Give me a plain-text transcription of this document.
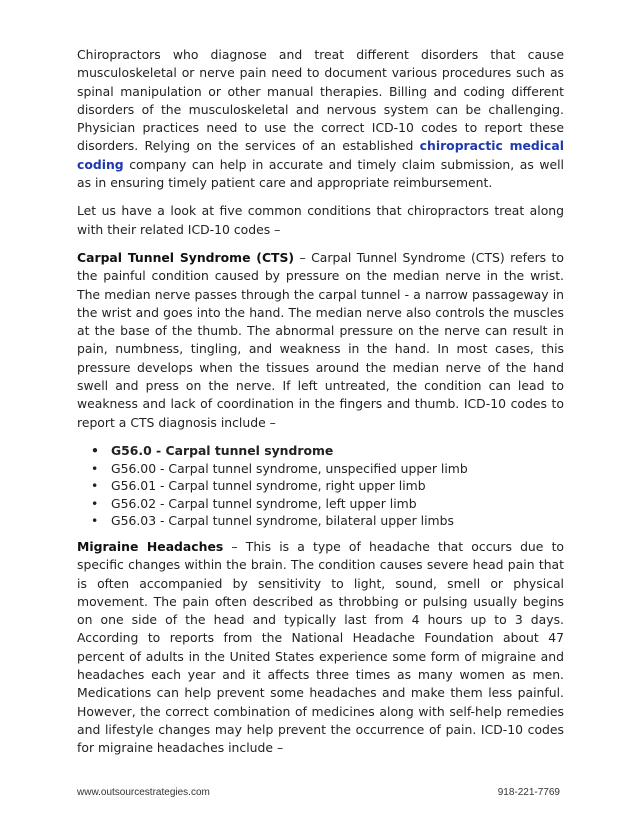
Chiropractors who diagnose and treat different disorders that cause musculoskeletal or nerve pain need to document various procedures such as spinal manipulation or other manual therapies. Billing and coding different disorders of the musculoskeletal and nervous system can be challenging. Physician practices need to use the correct ICD-10 codes to report these disorders. Relying on the services of an established chiropractic medical coding company can help in accurate and timely claim submission, as well as in ensuring timely patient care and appropriate reimbursement.

Let us have a look at five common conditions that chiropractors treat along with their related ICD-10 codes –

Carpal Tunnel Syndrome (CTS) – Carpal Tunnel Syndrome (CTS) refers to the painful condition caused by pressure on the median nerve in the wrist. The median nerve passes through the carpal tunnel - a narrow passageway in the wrist and goes into the hand. The median nerve also controls the muscles at the base of the thumb. The abnormal pressure on the nerve can result in pain, numbness, tingling, and weakness in the hand. In most cases, this pressure develops when the tissues around the median nerve of the hand swell and press on the nerve. If left untreated, the condition can lead to weakness and lack of coordination in the fingers and thumb. ICD-10 codes to report a CTS diagnosis include –

• G56.0 - Carpal tunnel syndrome
• G56.00 - Carpal tunnel syndrome, unspecified upper limb
• G56.01 - Carpal tunnel syndrome, right upper limb
• G56.02 - Carpal tunnel syndrome, left upper limb
• G56.03 - Carpal tunnel syndrome, bilateral upper limbs

Migraine Headaches – This is a type of headache that occurs due to specific changes within the brain. The condition causes severe head pain that is often accompanied by sensitivity to light, sound, smell or physical movement. The pain often described as throbbing or pulsing usually begins on one side of the head and typically last from 4 hours up to 3 days. According to reports from the National Headache Foundation about 47 percent of adults in the United States experience some form of migraine and headaches each year and it affects three times as many women as men. Medications can help prevent some headaches and make them less painful. However, the correct combination of medicines along with self-help remedies and lifestyle changes may help prevent the occurrence of pain. ICD-10 codes for migraine headaches include –

www.outsourcestrategies.com	918-221-7769
